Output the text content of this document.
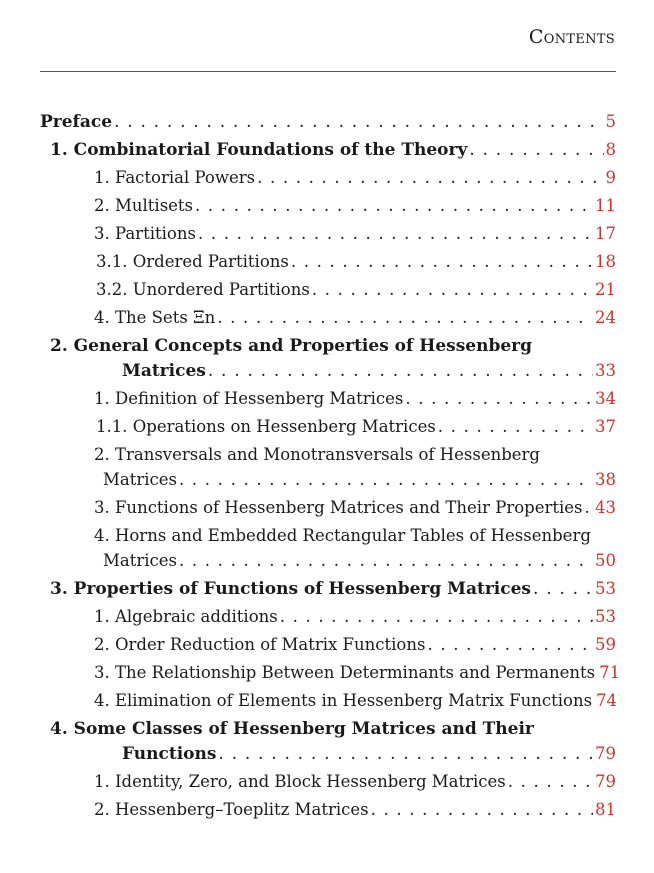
Contents
Preface . . .	5
1. Combinatorial Foundations of the Theory . . .	8
1. Factorial Powers . . .	9
2. Multisets . . .	11
3. Partitions . . .	17
3.1. Ordered Partitions . . .	18
3.2. Unordered Partitions . . .	21
4. The Sets Ξn . . .	24
2. General Concepts and Properties of Hessenberg
Matrices . . .	33
1. Definition of Hessenberg Matrices . . .	34
1.1. Operations on Hessenberg Matrices . . .	37
2. Transversals and Monotransversals of Hessenberg
Matrices . . .	38
3. Functions of Hessenberg Matrices and Their Properties . . . 43
4. Horns and Embedded Rectangular Tables of Hessenberg
Matrices . . .	50
3. Properties of Functions of Hessenberg Matrices . . .	53
1. Algebraic additions . . .	53
2. Order Reduction of Matrix Functions . . .	59
3. The Relationship Between Determinants and Permanents 71
4. Elimination of Elements in Hessenberg Matrix Functions 74
4. Some Classes of Hessenberg Matrices and Their
Functions . . .	79
1. Identity, Zero, and Block Hessenberg Matrices . . .	79
2. Hessenberg–Toeplitz Matrices . . .	81
